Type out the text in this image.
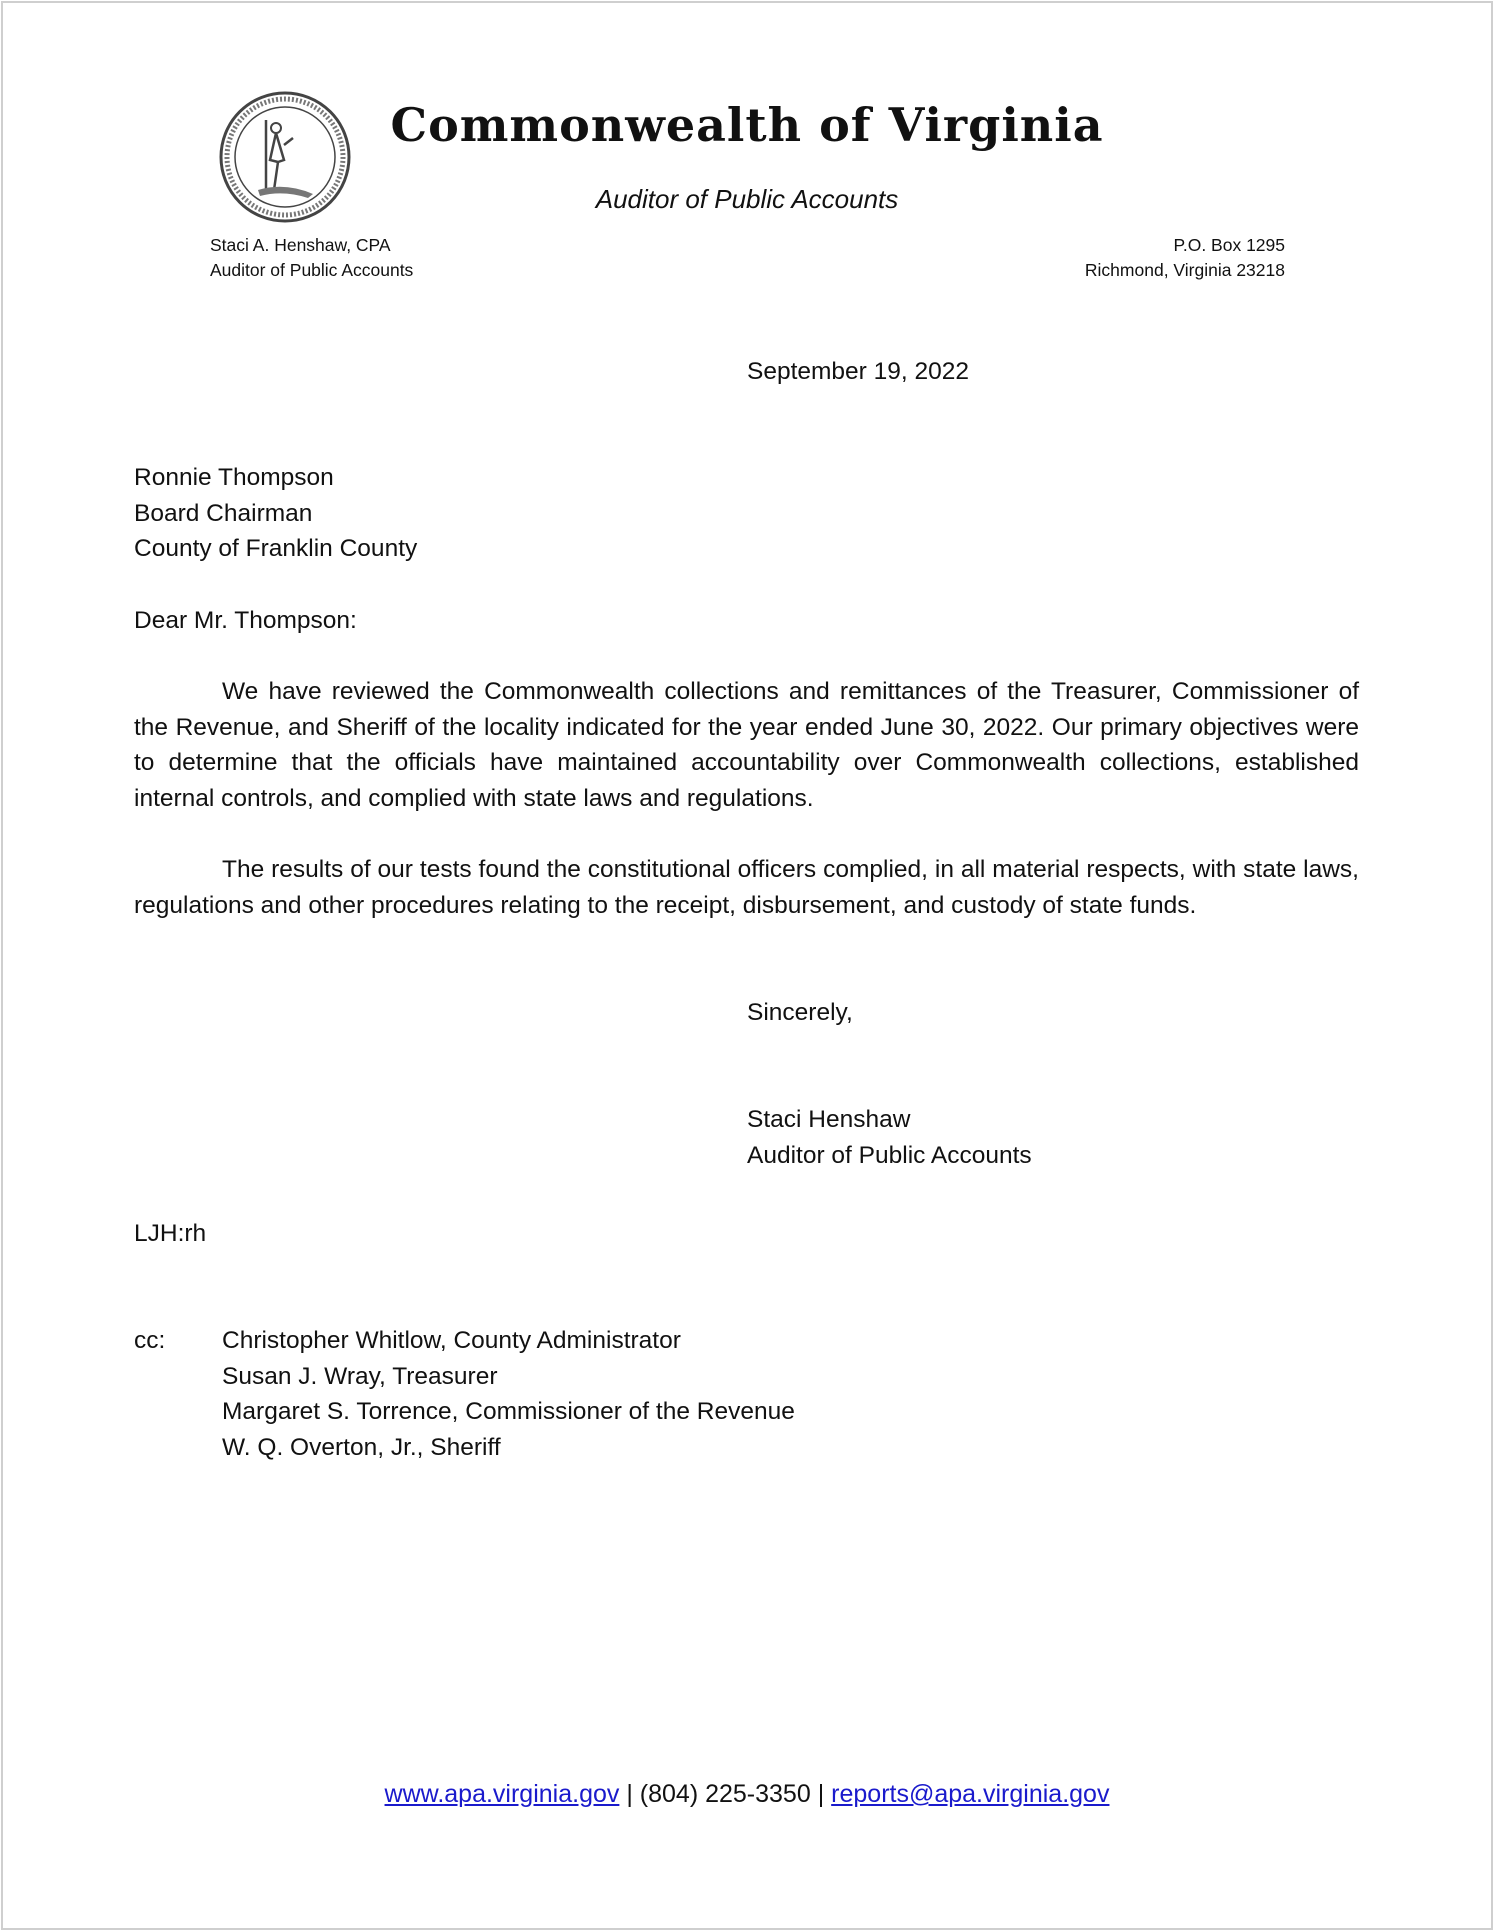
Commonwealth of Virginia
Auditor of Public Accounts
Staci A. Henshaw, CPA
Auditor of Public Accounts
P.O. Box 1295
Richmond, Virginia 23218
September 19, 2022
Ronnie Thompson
Board Chairman
County of Franklin County
Dear Mr. Thompson:
We have reviewed the Commonwealth collections and remittances of the Treasurer, Commissioner of the Revenue, and Sheriff of the locality indicated for the year ended June 30, 2022. Our primary objectives were to determine that the officials have maintained accountability over Commonwealth collections, established internal controls, and complied with state laws and regulations.
The results of our tests found the constitutional officers complied, in all material respects, with state laws, regulations and other procedures relating to the receipt, disbursement, and custody of state funds.
Sincerely,
Staci Henshaw
Auditor of Public Accounts
LJH:rh
cc: Christopher Whitlow, County Administrator
Susan J. Wray, Treasurer
Margaret S. Torrence, Commissioner of the Revenue
W. Q. Overton, Jr., Sheriff
www.apa.virginia.gov | (804) 225-3350 | reports@apa.virginia.gov
